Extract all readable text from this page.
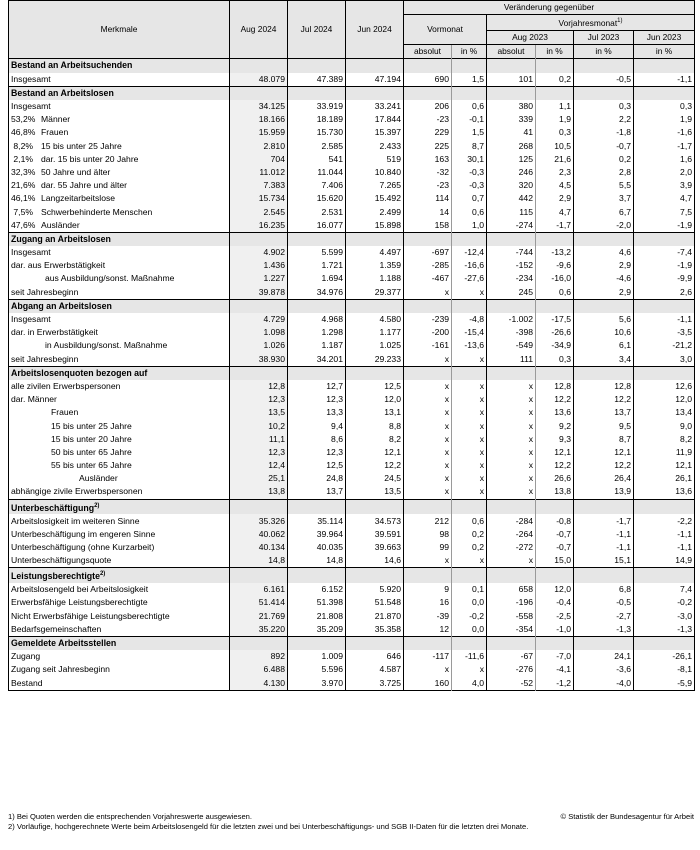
Merkmale	Aug 2024	Jul 2024	Jun 2024	Veränderung gegenüber					
				Vormonat		Vorjahresmonat$^{1)}$
						Aug 2023		Jul 2023	Jun 2023
				absolut	in %	absolut	in %	in %	in %
Bestand an Arbeitsuchenden									
Insgesamt	48.079	47.389	47.194	690	1,5	101	0,2	-0,5	-1,1
Bestand an Arbeitslosen									
Insgesamt	34.125	33.919	33.241	206	0,6	380	1,1	0,3	0,3
53,2% Männer	18.166	18.189	17.844	-23	-0,1	339	1,9	2,2	1,9
46,8% Frauen	15.959	15.730	15.397	229	1,5	41	0,3	-1,8	-1,6
8,2% 15 bis unter 25 Jahre	2.810	2.585	2.433	225	8,7	268	10,5	-0,7	-1,7
2,1% dar. 15 bis unter 20 Jahre	704	541	519	163	30,1	125	21,6	0,2	1,6
32,3% 50 Jahre und älter	11.012	11.044	10.840	-32	-0,3	246	2,3	2,8	2,0
21,6% dar. 55 Jahre und älter	7.383	7.406	7.265	-23	-0,3	320	4,5	5,5	3,9
46,1% Langzeitarbeitslose	15.734	15.620	15.492	114	0,7	442	2,9	3,7	4,7
7,5% Schwerbehinderte Menschen	2.545	2.531	2.499	14	0,6	115	4,7	6,7	7,5
47,6% Ausländer	16.235	16.077	15.898	158	1,0	-274	-1,7	-2,0	-1,9
Zugang an Arbeitslosen									
Insgesamt	4.902	5.599	4.497	-697	-12,4	-744	-13,2	4,6	-7,4
dar. aus Erwerbstätigkeit	1.436	1.721	1.359	-285	-16,6	-152	-9,6	2,9	-1,9
aus Ausbildung/sonst. Maßnahme	1.227	1.694	1.188	-467	-27,6	-234	-16,0	-4,6	-9,9
seit Jahresbeginn	39.878	34.976	29.377	x	x	245	0,6	2,9	2,6
Abgang an Arbeitslosen									
Insgesamt	4.729	4.968	4.580	-239	-4,8	-1.002	-17,5	5,6	-1,1
dar. in Erwerbstätigkeit	1.098	1.298	1.177	-200	-15,4	-398	-26,6	10,6	-3,5
in Ausbildung/sonst. Maßnahme	1.026	1.187	1.025	-161	-13,6	-549	-34,9	6,1	-21,2
seit Jahresbeginn	38.930	34.201	29.233	x	x	111	0,3	3,4	3,0
Arbeitslosenquoten bezogen auf									
alle zivilen Erwerbspersonen	12,8	12,7	12,5	x	x	x	12,8	12,8	12,6
dar. Männer	12,3	12,3	12,0	x	x	x	12,2	12,2	12,0
Frauen	13,5	13,3	13,1	x	x	x	13,6	13,7	13,4
15 bis unter 25 Jahre	10,2	9,4	8,8	x	x	x	9,2	9,5	9,0
15 bis unter 20 Jahre	11,1	8,6	8,2	x	x	x	9,3	8,7	8,2
50 bis unter 65 Jahre	12,3	12,3	12,1	x	x	x	12,1	12,1	11,9
55 bis unter 65 Jahre	12,4	12,5	12,2	x	x	x	12,2	12,2	12,1
Ausländer	25,1	24,8	24,5	x	x	x	26,6	26,4	26,1
abhängige zivile Erwerbspersonen	13,8	13,7	13,5	x	x	x	13,8	13,9	13,6
Unterbeschäftigung$^{2)}$									
Arbeitslosigkeit im weiteren Sinne	35.326	35.114	34.573	212	0,6	-284	-0,8	-1,7	-2,2
Unterbeschäftigung im engeren Sinne	40.062	39.964	39.591	98	0,2	-264	-0,7	-1,1	-1,1
Unterbeschäftigung (ohne Kurzarbeit)	40.134	40.035	39.663	99	0,2	-272	-0,7	-1,1	-1,1
Unterbeschäftigungsquote	14,8	14,8	14,6	x	x	x	15,0	15,1	14,9
Leistungsberechtigte$^{2)}$									
Arbeitslosengeld bei Arbeitslosigkeit	6.161	6.152	5.920	9	0,1	658	12,0	6,8	7,4
Erwerbsfähige Leistungsberechtigte	51.414	51.398	51.548	16	0,0	-196	-0,4	-0,5	-0,2
Nicht Erwerbsfähige Leistungsberechtigte	21.769	21.808	21.870	-39	-0,2	-558	-2,5	-2,7	-3,0
Bedarfsgemeinschaften	35.220	35.209	35.358	12	0,0	-354	-1,0	-1,3	-1,3
Gemeldete Arbeitsstellen									
Zugang	892	1.009	646	-117	-11,6	-67	-7,0	24,1	-26,1
Zugang seit Jahresbeginn	6.488	5.596	4.587	x	x	-276	-4,1	-3,6	-8,1
Bestand	4.130	3.970	3.725	160	4,0	-52	-1,2	-4,0	-5,9
1) Bei Quoten werden die entsprechenden Vorjahreswerte ausgewiesen.	© Statistik der Bundesagentur für Arbeit
2) Vorläufige, hochgerechnete Werte beim Arbeitslosengeld für die letzten zwei und bei Unterbeschäftigungs- und SGB II-Daten für die letzten drei Monate.
